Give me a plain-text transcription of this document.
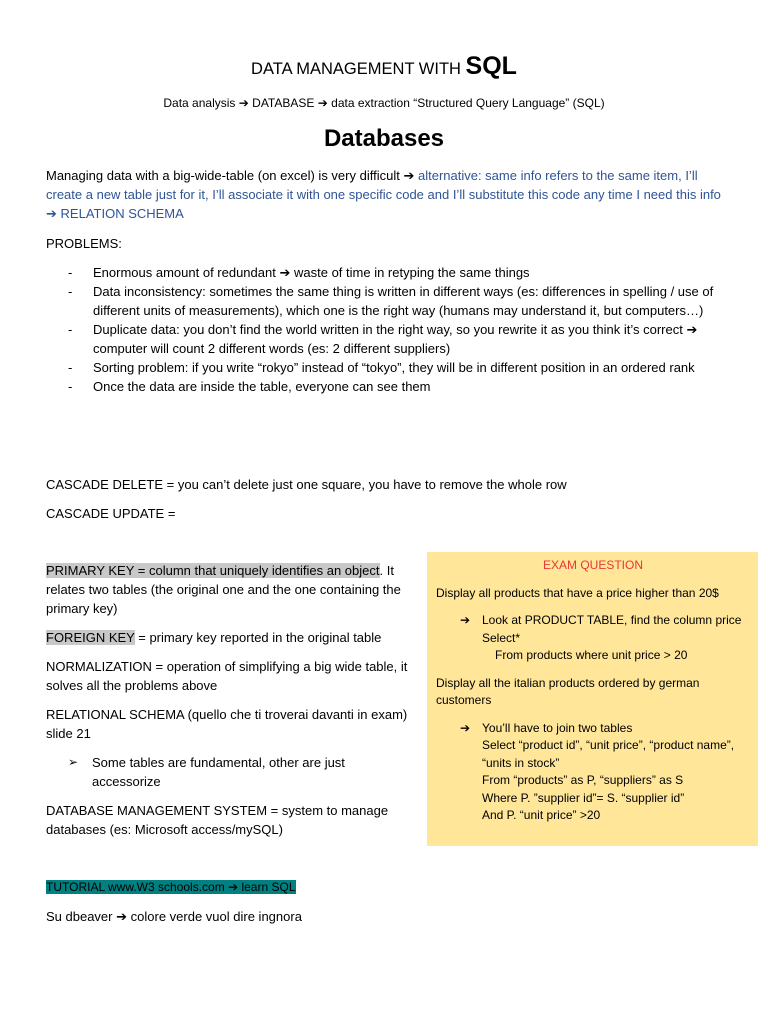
DATA MANAGEMENT WITH SQL
Data analysis ➔ DATABASE ➔ data extraction “Structured Query Language” (SQL)
Databases
Managing data with a big-wide-table (on excel) is very difficult ➔ alternative: same info refers to the same item, I’ll create a new table just for it, I’ll associate it with one specific code and I’ll substitute this code any time I need this info ➔ RELATION SCHEMA
PROBLEMS:
- Enormous amount of redundant ➔ waste of time in retyping the same things
- Data inconsistency: sometimes the same thing is written in different ways (es: differences in spelling / use of different units of measurements), which one is the right way (humans may understand it, but computers…)
- Duplicate data: you don’t find the world written in the right way, so you rewrite it as you think it’s correct ➔ computer will count 2 different words (es: 2 different suppliers)
- Sorting problem: if you write “rokyo” instead of “tokyo”, they will be in different position in an ordered rank
- Once the data are inside the table, everyone can see them
CASCADE DELETE = you can’t delete just one square, you have to remove the whole row
CASCADE UPDATE =

PRIMARY KEY = column that uniquely identifies an object. It relates two tables (the original one and the one containing the primary key)

FOREIGN KEY = primary key reported in the original table

NORMALIZATION = operation of simplifying a big wide table, it solves all the problems above

RELATIONAL SCHEMA (quello che ti troverai davanti in exam) slide 21

➢ Some tables are fundamental, other are just accessorize

DATABASE MANAGEMENT SYSTEM = system to manage databases (es: Microsoft access/mySQL)

EXAM QUESTION
Display all products that have a price higher than 20$
➔ Look at PRODUCT TABLE, find the column price
Select*
From products where unit price > 20
Display all the italian products ordered by german customers
➔ You’ll have to join two tables
Select “product id”, “unit price”, “product name”, “units in stock”
From “products” as P, “suppliers” as S
Where P. ”supplier id”= S. “supplier id”
And P. “unit price” >20
TUTORIAL www.W3 schools.com ➔ learn SQL
Su dbeaver ➔ colore verde vuol dire ingnora
